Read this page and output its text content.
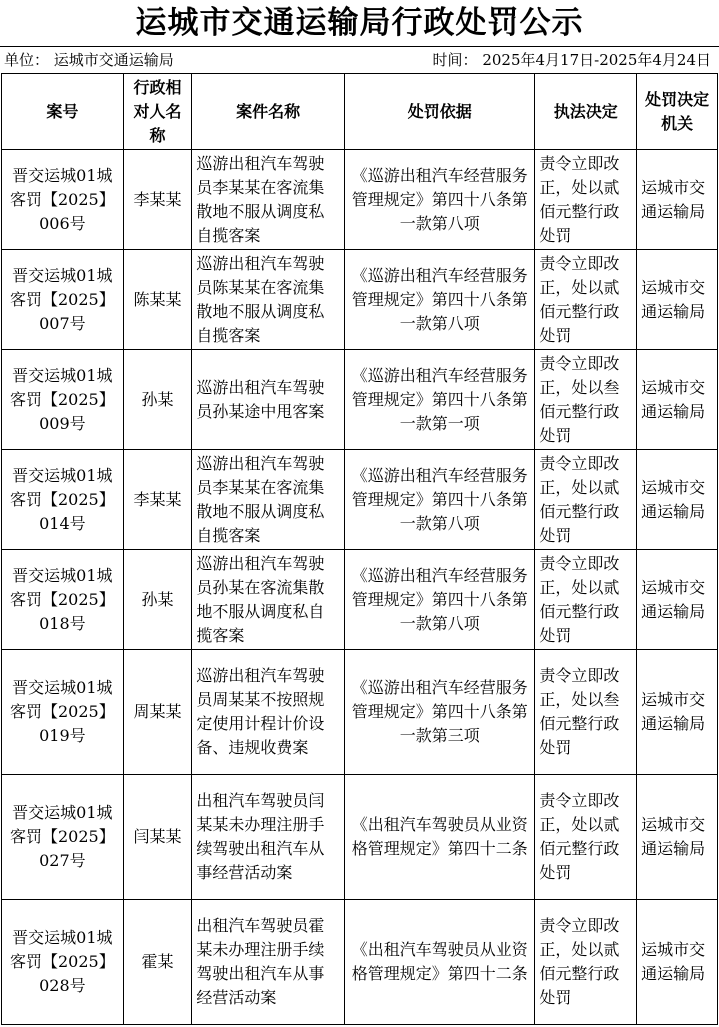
运城市交通运输局行政处罚公示
单位： 运城市交通运输局	时间： 2025年4月17日-2025年4月24日
案号	行政相对人名称	案件名称	处罚依据	执法决定	处罚决定机关
晋交运城01城客罚【2025】006号	李某某	巡游出租汽车驾驶员李某某在客流集散地不服从调度私自揽客案	《巡游出租汽车经营服务管理规定》第四十八条第一款第八项	责令立即改正，处以贰佰元整行政处罚	运城市交通运输局
晋交运城01城客罚【2025】007号	陈某某	巡游出租汽车驾驶员陈某某在客流集散地不服从调度私自揽客案	《巡游出租汽车经营服务管理规定》第四十八条第一款第八项	责令立即改正，处以贰佰元整行政处罚	运城市交通运输局
晋交运城01城客罚【2025】009号	孙某	巡游出租汽车驾驶员孙某途中甩客案	《巡游出租汽车经营服务管理规定》第四十八条第一款第一项	责令立即改正，处以叁佰元整行政处罚	运城市交通运输局
晋交运城01城客罚【2025】014号	李某某	巡游出租汽车驾驶员李某某在客流集散地不服从调度私自揽客案	《巡游出租汽车经营服务管理规定》第四十八条第一款第八项	责令立即改正，处以贰佰元整行政处罚	运城市交通运输局
晋交运城01城客罚【2025】018号	孙某	巡游出租汽车驾驶员孙某在客流集散地不服从调度私自揽客案	《巡游出租汽车经营服务管理规定》第四十八条第一款第八项	责令立即改正，处以贰佰元整行政处罚	运城市交通运输局
晋交运城01城客罚【2025】019号	周某某	巡游出租汽车驾驶员周某某不按照规定使用计程计价设备、违规收费案	《巡游出租汽车经营服务管理规定》第四十八条第一款第三项	责令立即改正，处以叁佰元整行政处罚	运城市交通运输局
晋交运城01城客罚【2025】027号	闫某某	出租汽车驾驶员闫某某未办理注册手续驾驶出租汽车从事经营活动案	《出租汽车驾驶员从业资格管理规定》第四十二条	责令立即改正，处以贰佰元整行政处罚	运城市交通运输局
晋交运城01城客罚【2025】028号	霍某	出租汽车驾驶员霍某未办理注册手续驾驶出租汽车从事经营活动案	《出租汽车驾驶员从业资格管理规定》第四十二条	责令立即改正，处以贰佰元整行政处罚	运城市交通运输局
